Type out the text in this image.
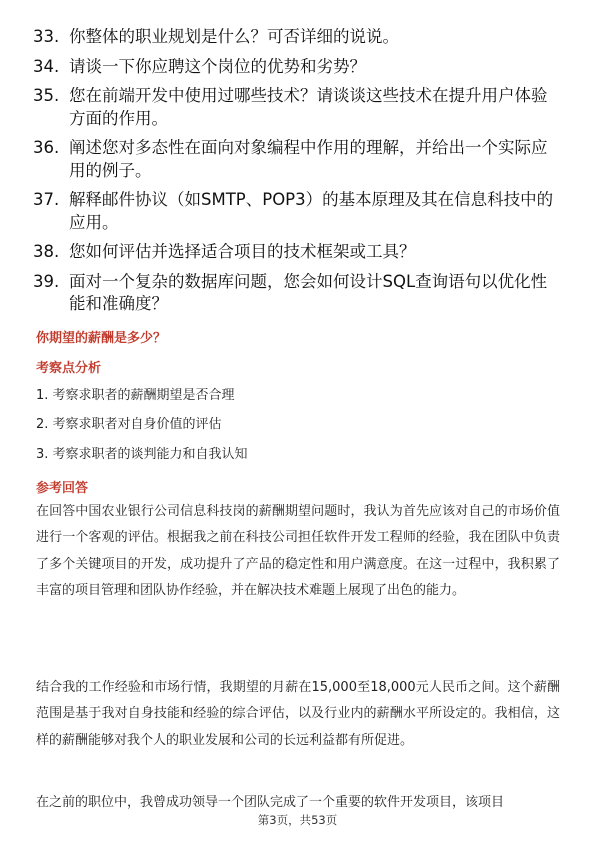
33. 你整体的职业规划是什么？可否详细的说说。
34. 请谈一下你应聘这个岗位的优势和劣势？
35. 您在前端开发中使用过哪些技术？请谈谈这些技术在提升用户体验方面的作用。
36. 阐述您对多态性在面向对象编程中作用的理解，并给出一个实际应用的例子。
37. 解释邮件协议（如SMTP、POP3）的基本原理及其在信息科技中的应用。
38. 您如何评估并选择适合项目的技术框架或工具？
39. 面对一个复杂的数据库问题，您会如何设计SQL查询语句以优化性能和准确度？
你期望的薪酬是多少？
考察点分析
1. 考察求职者的薪酬期望是否合理
2. 考察求职者对自身价值的评估
3. 考察求职者的谈判能力和自我认知
参考回答
在回答中国农业银行公司信息科技岗的薪酬期望问题时，我认为首先应该对自己的市场价值进行一个客观的评估。根据我之前在科技公司担任软件开发工程师的经验，我在团队中负责了多个关键项目的开发，成功提升了产品的稳定性和用户满意度。在这一过程中，我积累了丰富的项目管理和团队协作经验，并在解决技术难题上展现了出色的能力。
结合我的工作经验和市场行情，我期望的月薪在15,000至18,000元人民币之间。这个薪酬范围是基于我对自身技能和经验的综合评估，以及行业内的薪酬水平所设定的。我相信，这样的薪酬能够对我个人的职业发展和公司的长远利益都有所促进。
在之前的职位中，我曾成功领导一个团队完成了一个重要的软件开发项目，该项目
第3页，共53页
